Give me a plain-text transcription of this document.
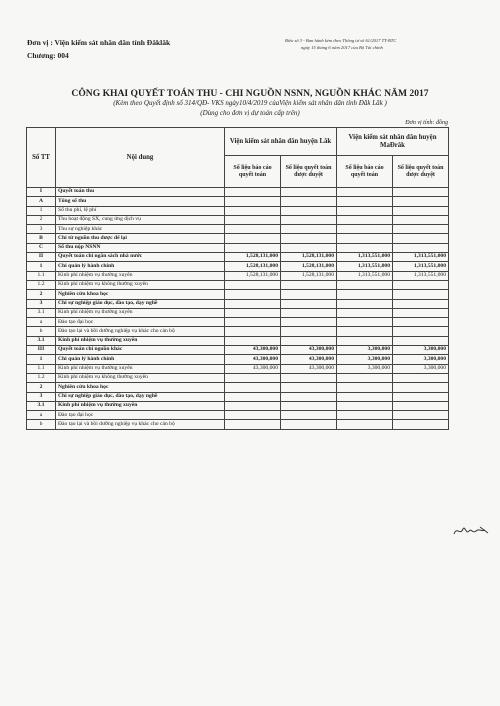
Đơn vị : Viện kiểm sát nhân dân tỉnh Đăklăk
Chương: 004
Biểu số 3 - Ban hành kèm theo Thông tư số 61/2017 TT-BTC
ngày 15 tháng 6 năm 2017 của Bộ Tài chính
CÔNG KHAI QUYẾT TOÁN THU - CHI NGUỒN NSNN, NGUỒN KHÁC NĂM 2017
(Kèm theo Quyết định số 314/QĐ- VKS ngày10/4/2019 củaViện kiểm sát nhân dân tỉnh Đăk Lăk )
(Dùng cho đơn vị dự toán cấp trên)
Đơn vị tính: đồng
Số TT	Nội dung	Viện kiểm sát nhân dân huyện Lăk		Viện kiểm sát nhân dân huyện MaĐrăk	
		Số liệu báo cáo quyết toán	Số liệu quyết toán được duyệt	Số liệu báo cáo quyết toán	Số liệu quyết toán được duyệt
I	Quyết toán thu				
A	Tổng số thu				
1	Số thu phí, lệ phí				
2	Thu hoạt động SX, cung ứng dịch vụ				
3	Thu sự nghiệp khác				
B	Chi từ nguồn thu được để lại				
C	Số thu nộp NSNN				
II	Quyết toán chi ngân sách nhà nước	1,528,131,000	1,528,131,000	1,313,551,000	1,313,551,000
1	Chi quản lý hành chính	1,528,131,000	1,528,131,000	1,313,551,000	1,313,551,000
1.1	Kinh phí nhiệm vụ thường xuyên	1,528,131,000	1,528,131,000	1,313,551,000	1,313,551,000
1.2	Kinh phí nhiệm vụ không thường xuyên				
2	Nghiên cứu khoa học				
3	Chi sự nghiệp giáo dục, đào tạo, dạy nghề				
3.1	Kinh phí nhiệm vụ thường xuyên				
a	Đào tạo đại học				
b	Đào tạo lại và bồi dưỡng nghiệp vụ khác cho cán bộ				
3.1	Kinh phí nhiệm vụ thường xuyên				
III	Quyết toán chi nguồn khác	43,300,000	43,300,000	3,300,000	3,300,000
1	Chi quản lý hành chính	43,300,000	43,300,000	3,300,000	3,300,000
1.1	Kinh phí nhiệm vụ thường xuyên	43,300,000	43,300,000	3,300,000	3,300,000
1.2	Kinh phí nhiệm vụ không thường xuyên				
2	Nghiên cứu khoa học				
3	Chi sự nghiệp giáo dục, đào tạo, dạy nghề				
3.1	Kinh phí nhiệm vụ thường xuyên				
a	Đào tạo đại học				
b	Đào tạo lại và bồi dưỡng nghiệp vụ khác cho cán bộ				
